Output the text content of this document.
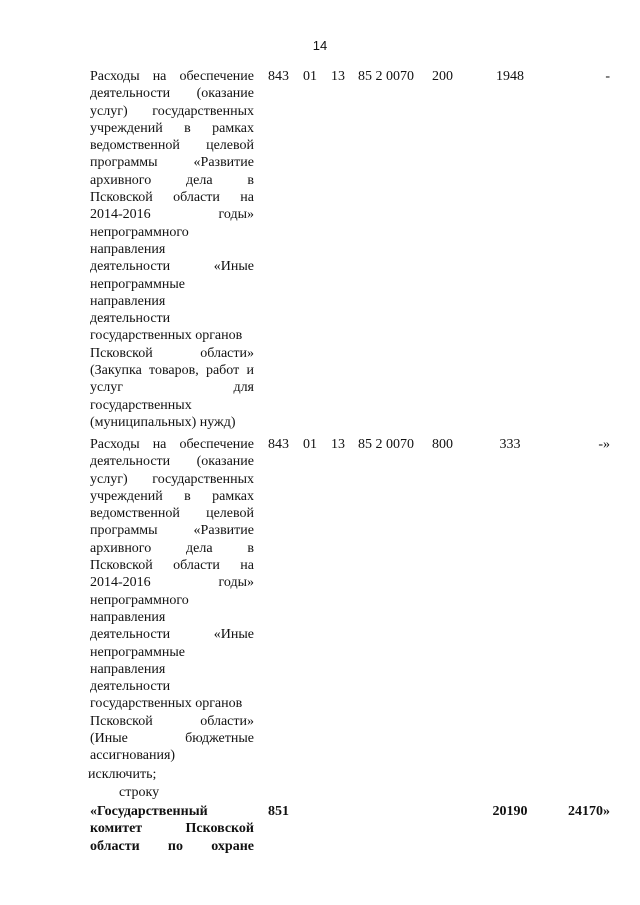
14
Расходы на обеспечение
деятельности (оказание
услуг) государственных
учреждений в рамках
ведомственной целевой
программы «Развитие
архивного дела в
Псковской области на
2014-2016 годы»
непрограммного
направления
деятельности «Иные
непрограммные
направления
деятельности
государственных органов
Псковской области»
(Закупка товаров, работ и
услуг для
государственных
(муниципальных) нужд)
843 01 13 85 2 0070 200	1948	-
Расходы на обеспечение
деятельности (оказание
услуг) государственных
учреждений в рамках
ведомственной целевой
программы «Развитие
архивного дела в
Псковской области на
2014-2016 годы»
непрограммного
направления
деятельности «Иные
непрограммные
направления
деятельности
государственных органов
Псковской области»
(Иные бюджетные
ассигнования)
843 01 13 85 2 0070 800	333	-»
исключить;
строку
«Государственный
комитет Псковской
области по охране
851	20190	24170»
